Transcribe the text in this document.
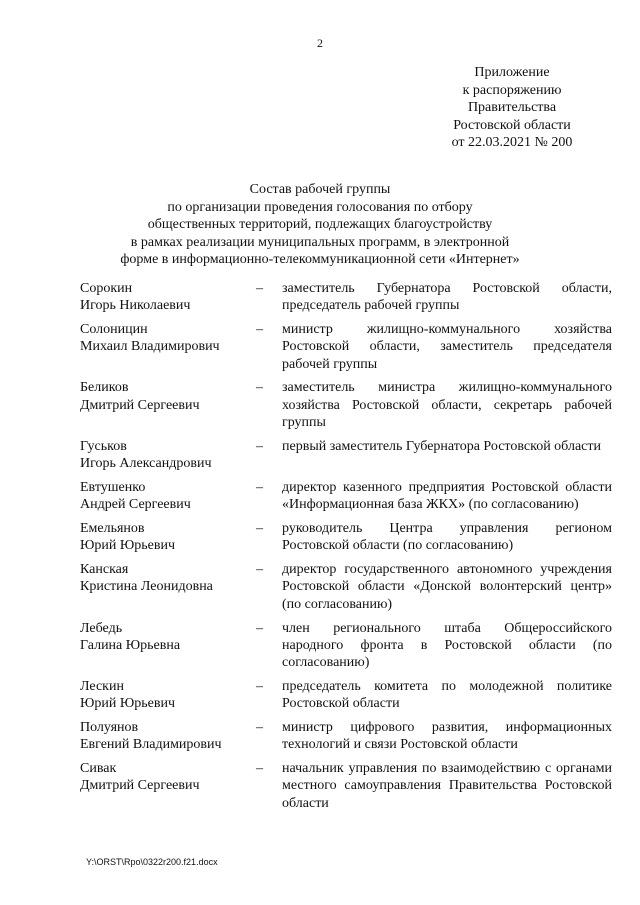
2
Приложение
к распоряжению
Правительства
Ростовской области
от 22.03.2021 № 200
Состав рабочей группы
по организации проведения голосования по отбору
общественных территорий, подлежащих благоустройству
в рамках реализации муниципальных программ, в электронной
форме в информационно-телекоммуникационной сети «Интернет»
Сорокин
Игорь Николаевич
–	заместитель Губернатора Ростовской области, председатель рабочей группы
Солоницин
Михаил Владимирович
–	министр жилищно-коммунального хозяйства Ростовской области, заместитель председателя рабочей группы
Беликов
Дмитрий Сергеевич
–	заместитель министра жилищно-коммунального хозяйства Ростовской области, секретарь рабочей группы
Гуськов
Игорь Александрович
–	первый заместитель Губернатора Ростовской области
Евтушенко
Андрей Сергеевич
–	директор казенного предприятия Ростовской области «Информационная база ЖКХ» (по согласованию)
Емельянов
Юрий Юрьевич
–	руководитель Центра управления регионом Ростовской области (по согласованию)
Канская
Кристина Леонидовна
–	директор государственного автономного учреждения Ростовской области «Донской волонтерский центр» (по согласованию)
Лебедь
Галина Юрьевна
–	член регионального штаба Общероссийского народного фронта в Ростовской области (по согласованию)
Лескин
Юрий Юрьевич
–	председатель комитета по молодежной политике Ростовской области
Полуянов
Евгений Владимирович
–	министр цифрового развития, информационных технологий и связи Ростовской области
Сивак
Дмитрий Сергеевич
–	начальник управления по взаимодействию с органами местного самоуправления Правительства Ростовской области
Y:\ORST\Rpo\0322r200.f21.docx
